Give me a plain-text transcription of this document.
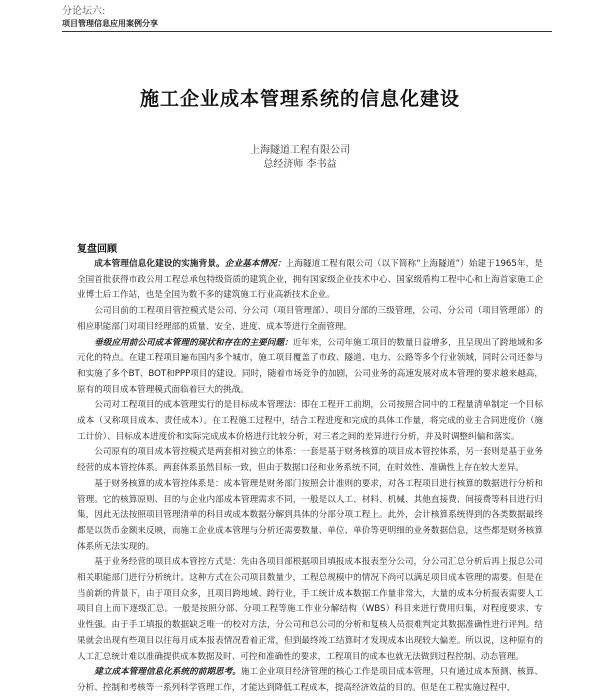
分论坛六:
项目管理信息应用案例分享
施工企业成本管理系统的信息化建设
上海隧道工程有限公司
总经济师 李书益
复盘回顾

成本管理信息化建设的实施背景。企业基本情况：上海隧道工程有限公司（以下简称“上海隧道”）始建于1965年，是全国首批获得市政公用工程总承包特级资质的建筑企业，拥有国家级企业技术中心、国家级盾构工程中心和上海首家施工企业博士后工作站，也是全国为数不多的建筑施工行业高新技术企业。

公司目前的工程项目管控模式是公司、分公司（项目管理部）、项目分部的三级管理，公司、分公司（项目管理部）的相应职能部门对项目经理部的质量、安全、进度、成本等进行全面管理。

垂级应用前公司成本管理的现状和存在的主要问题：近年来，公司年施工项目的数量日益增多，且呈现出了跨地域和多元化的特点。在建工程项目遍布国内多个城市，施工项目覆盖了市政、隧道、电力、公路等多个行业领域，同时公司还参与和实施了多个BT、BOT和PPP项目的建设。同时，随着市场竞争的加剧，公司业务的高速发展对成本管理的要求越来越高，原有的项目成本管理模式面临着巨大的挑战。

公司对工程项目的成本管理实行的是目标成本管理法：即在工程开工前期，公司按照合同中的工程量清单制定一个目标成本（又称项目成本、责任成本）。在工程施工过程中，结合工程进度和完成的具体工作量，将完成的业主合同进度价（施工计价）、目标成本进度价和实际完成成本价格进行比较分析，对三者之间的差异进行分析，并及时调整纠偏和落实。

公司原有的项目成本管控模式是两套相对独立的体系：一套是基于财务核算的项目成本管控体系，另一套则是基于业务经营的成本管控体系。两套体系虽然目标一致，但由于数据口径和业务系统不同，在时效性、准确性上存在较大差异。

基于财务核算的成本管控体系是：成本管理是财务部门按照会计准则的要求，对各工程项目进行核算的数据进行分析和管理。它的核算原则、目的与企业内部成本管理需求不同，一般是以人工、材料、机械、其他直接费、间接费等科目进行归集，因此无法按照项目管理清单的科目或成本数据分解到具体的分部分项工程上。此外，会计核算系统得到的各类数据最终都是以货币金额来反映，而施工企业成本管理与分析还需要数量、单位、单价等更明细的业务数据信息，这些都是财务核算体系所无法实现的。

基于业务经营的项目成本管控方式是：先由各项目部根据项目填报成本报表至分公司，分公司汇总分析后再上报总公司相关职能部门进行分析统计。这种方式在公司项目数量少，工程总规模中的情况下尚可以满足项目成本管理的需要。但是在当前新的背景下，由于项目众多，且项目跨地域、跨行业，手工统计成本数据工作量非常大，大量的成本分析报表需要人工项目自上而下逐级汇总。一般是按照分部、分项工程等施工作业分解结构（WBS）科目来进行费用归集，对程度要求、专业性强。由于手工填报的数据缺乏唯一的校对方法，分公司和总公司的分析和复核人员很难判定其数据准确性进行评判。结果就会出现有些项目以往每月成本报表情况看着正常，但到最终竣工结算时才发现成本出现较大偏差。所以说，这种原有的人工汇总统计难以准确提供成本数据及时、可控和准确性的要求，工程项目的成本也就无法做到过程控制、动态管理。

建立成本管理信息化系统的前期思考。施工企业项目经济管理的核心工作是项目成本管理，只有通过成本预测、核算、分析、控制和考核等一系列科学管理工作，才能达到降低工程成本，提高经济效益的目的。但是在工程实施过程中，
